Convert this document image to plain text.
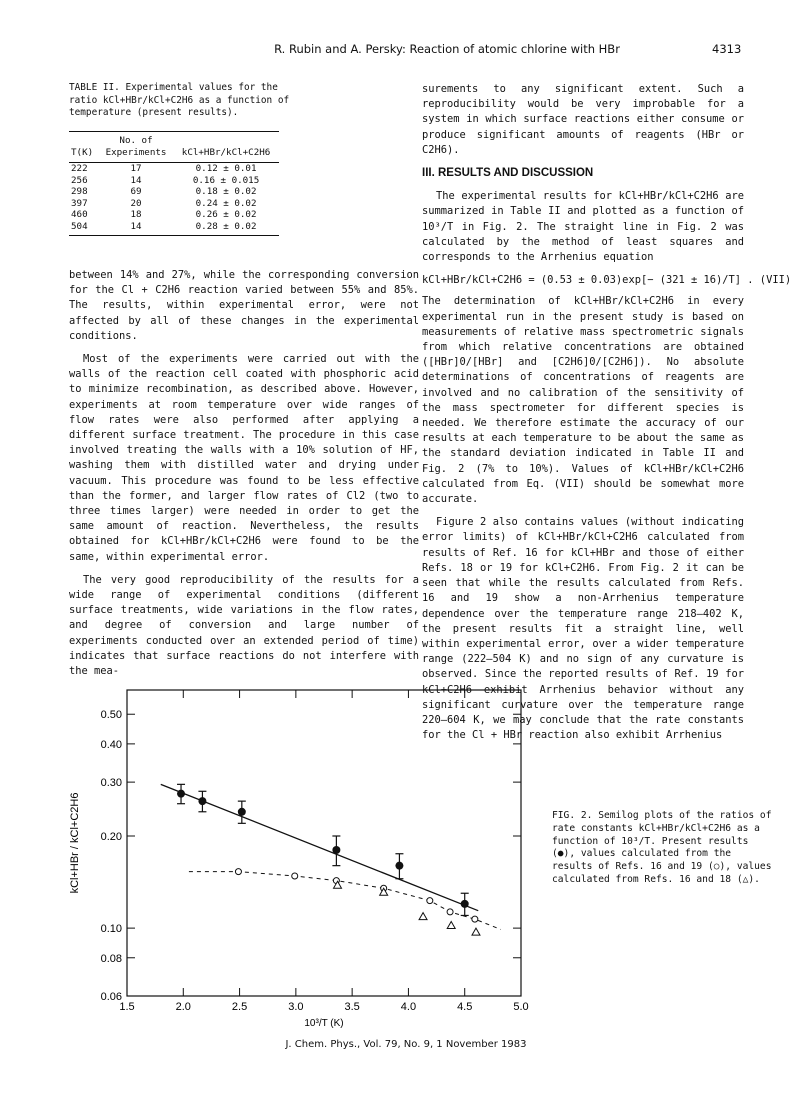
R. Rubin and A. Persky: Reaction of atomic chlorine with HBr	4313
TABLE II. Experimental values for the ratio kCl+HBr/kCl+C2H6 as a function of temperature (present results).
	No. of	
T(K)	Experiments	kCl+HBr/kCl+C2H6
222	17	0.12 ± 0.01
256	14	0.16 ± 0.015
298	69	0.18 ± 0.02
397	20	0.24 ± 0.02
460	18	0.26 ± 0.02
504	14	0.28 ± 0.02

between 14% and 27%, while the corresponding conversion for the Cl + C2H6 reaction varied between 55% and 85%. The results, within experimental error, were not affected by all of these changes in the experimental conditions.

Most of the experiments were carried out with the walls of the reaction cell coated with phosphoric acid to minimize recombination, as described above. However, experiments at room temperature over wide ranges of flow rates were also performed after applying a different surface treatment. The procedure in this case involved treating the walls with a 10% solution of HF, washing them with distilled water and drying under vacuum. This procedure was found to be less effective than the former, and larger flow rates of Cl2 (two to three times larger) were needed in order to get the same amount of reaction. Nevertheless, the results obtained for kCl+HBr/kCl+C2H6 were found to be the same, within experimental error.

The very good reproducibility of the results for a wide range of experimental conditions (different surface treatments, wide variations in the flow rates, and degree of conversion and large number of experiments conducted over an extended period of time) indicates that surface reactions do not interfere with the mea-

surements to any significant extent. Such a reproducibility would be very improbable for a system in which surface reactions either consume or produce significant amounts of reagents (HBr or C2H6).

III. RESULTS AND DISCUSSION

The experimental results for kCl+HBr/kCl+C2H6 are summarized in Table II and plotted as a function of 10³/T in Fig. 2. The straight line in Fig. 2 was calculated by the method of least squares and corresponds to the Arrhenius equation

kCl+HBr/kCl+C2H6 = (0.53 ± 0.03)exp[− (321 ± 16)/T] . (VII)

The determination of kCl+HBr/kCl+C2H6 in every experimental run in the present study is based on measurements of relative mass spectrometric signals from which relative concentrations are obtained ([HBr]0/[HBr] and [C2H6]0/[C2H6]). No absolute determinations of concentrations of reagents are involved and no calibration of the sensitivity of the mass spectrometer for different species is needed. We therefore estimate the accuracy of our results at each temperature to be about the same as the standard deviation indicated in Table II and Fig. 2 (7% to 10%). Values of kCl+HBr/kCl+C2H6 calculated from Eq. (VII) should be somewhat more accurate.

Figure 2 also contains values (without indicating error limits) of kCl+HBr/kCl+C2H6 calculated from results of Ref. 16 for kCl+HBr and those of either Refs. 18 or 19 for kCl+C2H6. From Fig. 2 it can be seen that while the results calculated from Refs. 16 and 19 show a non-Arrhenius temperature dependence over the temperature range 218–402 K, the present results fit a straight line, well within experimental error, over a wider temperature range (222–504 K) and no sign of any curvature is observed. Since the reported results of Ref. 19 for kCl+C2H6 exhibit Arrhenius behavior without any significant curvature over the temperature range 220–604 K, we may conclude that the rate constants for the Cl + HBr reaction also exhibit Arrhenius

1.5	2.0	2.5	3.0	3.5	4.0	4.5	5.0
0.06
0.08
0.10
0.20
0.30
0.40
0.50
10³/T (K)
kCl+HBr / kCl+C2H6	FIG. 2. Semilog plots of the ratios of rate constants kCl+HBr/kCl+C2H6 as a function of 10³/T. Present results (●), values calculated from the results of Refs. 16 and 19 (○), values calculated from Refs. 16 and 18 (△).
J. Chem. Phys., Vol. 79, No. 9, 1 November 1983
